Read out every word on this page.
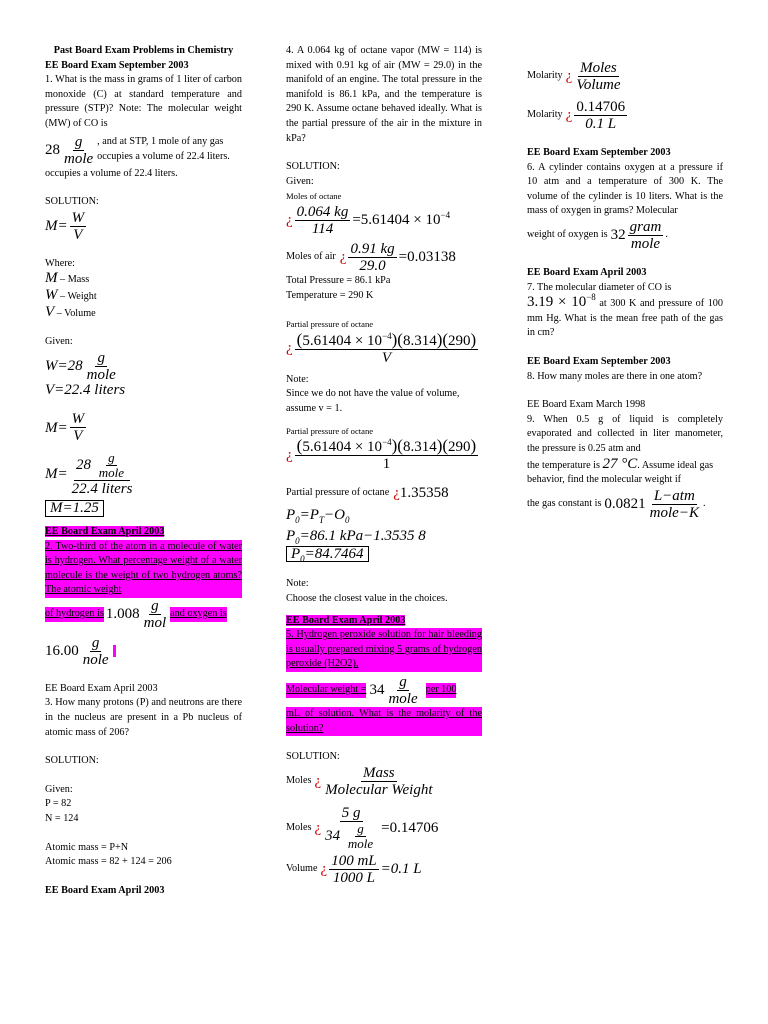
Past Board Exam Problems in Chemistry

EE Board Exam September 2003

1. What is the mass in grams of 1 liter of carbon monoxide (C) at standard temperature and pressure (STP)? Note: The molecular weight (MW) of CO is

$28 \frac{g}{\text{mole}}$ , and at STP, 1 mole of any gas occupies a volume of 22.4 liters.

occupies a volume of 22.4 liters.

SOLUTION:

$M= \frac{W}{V}$

Where:

M – Mass

W – Weight

V – Volume

Given:

$W=28 \frac{g}{\text{mole}}$

V=22.4 liters

$M= \frac{W}{V}$
$M= \frac{28 \frac{g}{\text{mole}}}{\text{22.4 liters}}$
M=1.25

EE Board Exam April 2003

2. Two-third of the atom in a molecule of water is hydrogen. What percentage weight of a water molecule is the weight of two hydrogen atoms? The atomic weight

of hydrogen is $1.008 \frac{g}{\text{mol}}$ and oxygen is
$16.00 \frac{g}{\text{nole}}$

EE Board Exam April 2003

3. How many protons (P) and neutrons are there in the nucleus are present in a Pb nucleus of atomic mass of 206?

SOLUTION:

Given:

P = 82

N = 124

Atomic mass = P+N

Atomic mass = 82 + 124 = 206

EE Board Exam April 2003

4. A 0.064 kg of octane vapor (MW = 114) is mixed with 0.91 kg of air (MW = 29.0) in the manifold of an engine. The total pressure in the manifold is 86.1 kPa, and the temperature is 290 K. Assume octane behaved ideally. What is the partial pressure of the air in the mixture in kPa?

SOLUTION:

Given:

Moles of octane

¿ $\frac{0.064 kg}{114} =5.61404 \times 10^{-4}$
Moles of air ¿ $\frac{0.91 kg}{29.0} =0.03138$

Total Pressure = 86.1 kPa

Temperature = 290 K

Partial pressure of octane

¿ $\frac{(5.61404 \times 10^{-4})(8.314)(290)}{V}$

Note:

Since we do not have the value of volume, assume v = 1.

Partial pressure of octane

¿ $\frac{(5.61404 \times 10^{-4})(8.314)(290)}{1}$
Partial pressure of octane ¿ 1.35358

$P_0=P_T-O_0$

$P_0=86.1$ kPa−1.3535 8

$P_0=84.7464$

Note:

Choose the closest value in the choices.

EE Board Exam April 2003

5. Hydrogen peroxide solution for hair bleeding is usually prepared mixing 5 grams of hydrogen peroxide (H2O2),

Molecular weight = $34 \frac{g}{\text{mole}}$ per 100

mL of solution. What is the molarity of the solution?

SOLUTION:

Moles ¿ $\frac{\text{Mass}}{\text{Molecular Weight}}$
Moles ¿ $\frac{5 g}{34 \frac{g}{\text{mole}}} =0.14706$
Volume ¿ $\frac{100 mL}{1000 L} =0.1$ L
Molarity ¿ $\frac{\text{Moles}}{\text{Volume}}$
Molarity ¿ $\frac{0.14706}{0.1 L}$

EE Board Exam September 2003

6. A cylinder contains oxygen at a pressure if 10 atm and a temperature of 300 K. The volume of the cylinder is 10 liters. What is the mass of oxygen in grams? Molecular

weight of oxygen is $32 \frac{\text{gram}}{\text{mole}}$ .

EE Board Exam April 2003

7. The molecular diameter of CO is

$3.19 \times 10^{-8}$ at 300 K and pressure of 100 mm Hg. What is the mean free path of the gas in cm?

EE Board Exam September 2003

8. How many moles are there in one atom?

EE Board Exam March 1998

9. When 0.5 g of liquid is completely evaporated and collected in liter manometer, the pressure is 0.25 atm and

the temperature is 27 °C. Assume ideal gas behavior, find the molecular weight if

the gas constant is $0.0821 \frac{\text{L−atm}}{\text{mole−K}}$ .
